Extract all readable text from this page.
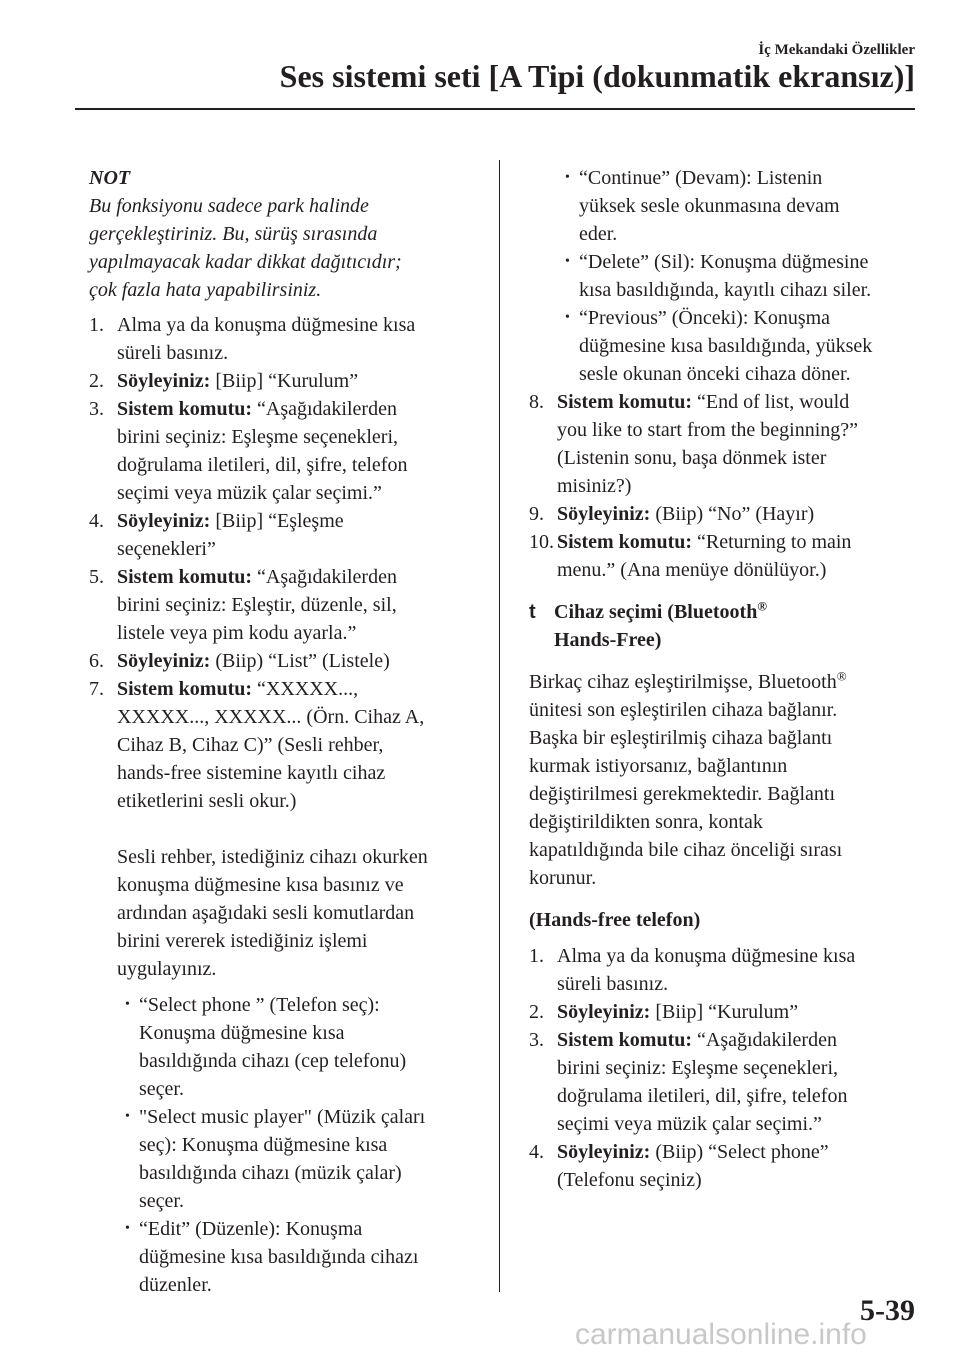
İç Mekandaki Özellikler
Ses sistemi seti [A Tipi (dokunmatik ekransız)]

NOT

Bu fonksiyonu sadece park halinde
gerçekleştiriniz. Bu, sürüş sırasında
yapılmayacak kadar dikkat dağıtıcıdır;
çok fazla hata yapabilirsiniz.

1. Alma ya da konuşma düğmesine kısa
süreli basınız.
2. Söyleyiniz: [Biip] “Kurulum”
3. Sistem komutu: “Aşağıdakilerden
birini seçiniz: Eşleşme seçenekleri,
doğrulama iletileri, dil, şifre, telefon
seçimi veya müzik çalar seçimi.”
4. Söyleyiniz: [Biip] “Eşleşme
seçenekleri”
5. Sistem komutu: “Aşağıdakilerden
birini seçiniz: Eşleştir, düzenle, sil,
listele veya pim kodu ayarla.”
6. Söyleyiniz: (Biip) “List” (Listele)
7. Sistem komutu: “XXXXX...,
XXXXX..., XXXXX... (Örn. Cihaz A,
Cihaz B, Cihaz C)” (Sesli rehber,
hands-free sistemine kayıtlı cihaz
etiketlerini sesli okur.)
Sesli rehber, istediğiniz cihazı okurken
konuşma düğmesine kısa basınız ve
ardından aşağıdaki sesli komutlardan
birini vererek istediğiniz işlemi
uygulayınız.
• “Select phone ” (Telefon seç):
Konuşma düğmesine kısa
basıldığında cihazı (cep telefonu)
seçer.
• "Select music player" (Müzik çaları
seç): Konuşma düğmesine kısa
basıldığında cihazı (müzik çalar)
seçer.
• “Edit” (Düzenle): Konuşma
düğmesine kısa basıldığında cihazı
düzenler.
• “Continue” (Devam): Listenin
yüksek sesle okunmasına devam
eder.
• “Delete” (Sil): Konuşma düğmesine
kısa basıldığında, kayıtlı cihazı siler.
• “Previous” (Önceki): Konuşma
düğmesine kısa basıldığında, yüksek
sesle okunan önceki cihaza döner.
8. Sistem komutu: “End of list, would
you like to start from the beginning?”
(Listenin sonu, başa dönmek ister
misiniz?)
9. Söyleyiniz: (Biip) “No” (Hayır)
10. Sistem komutu: “Returning to main
menu.” (Ana menüye dönülüyor.)
t Cihaz seçimi (Bluetooth®
Hands-Free)

Birkaç cihaz eşleştirilmişse, Bluetooth®
ünitesi son eşleştirilen cihaza bağlanır.
Başka bir eşleştirilmiş cihaza bağlantı
kurmak istiyorsanız, bağlantının
değiştirilmesi gerekmektedir. Bağlantı
değiştirildikten sonra, kontak
kapatıldığında bile cihaz önceliği sırası
korunur.

(Hands-free telefon)

1. Alma ya da konuşma düğmesine kısa
süreli basınız.
2. Söyleyiniz: [Biip] “Kurulum”
3. Sistem komutu: “Aşağıdakilerden
birini seçiniz: Eşleşme seçenekleri,
doğrulama iletileri, dil, şifre, telefon
seçimi veya müzik çalar seçimi.”
4. Söyleyiniz: (Biip) “Select phone”
(Telefonu seçiniz)
5-39
carmanualsonline.info
